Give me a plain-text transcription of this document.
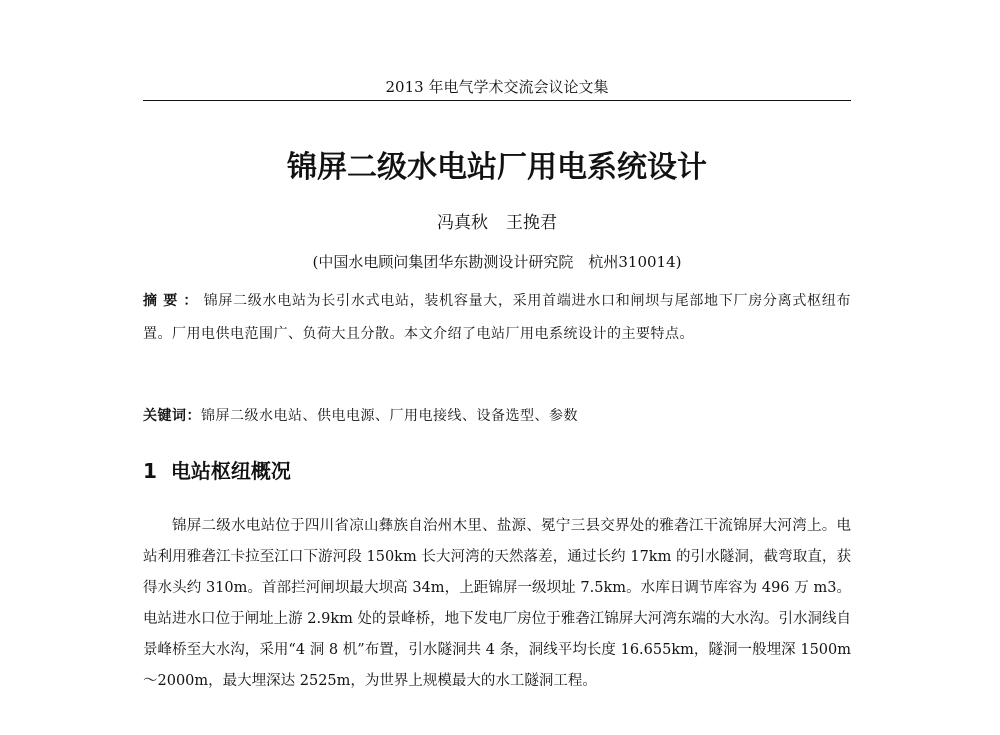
2013 年电气学术交流会议论文集
锦屏二级水电站厂用电系统设计
冯真秋 王挽君
(中国水电顾问集团华东勘测设计研究院　杭州310014)
摘要：锦屏二级水电站为长引水式电站，装机容量大，采用首端进水口和闸坝与尾部地下厂房分离式枢纽布置。厂用电供电范围广、负荷大且分散。本文介绍了电站厂用电系统设计的主要特点。
关键词：锦屏二级水电站、供电电源、厂用电接线、设备选型、参数
1 电站枢纽概况
锦屏二级水电站位于四川省凉山彝族自治州木里、盐源、冕宁三县交界处的雅砻江干流锦屏大河湾上。电站利用雅砻江卡拉至江口下游河段 150km 长大河湾的天然落差，通过长约 17km 的引水隧洞，截弯取直，获得水头约 310m。首部拦河闸坝最大坝高 34m，上距锦屏一级坝址 7.5km。水库日调节库容为 496 万 m3。电站进水口位于闸址上游 2.9km 处的景峰桥，地下发电厂房位于雅砻江锦屏大河湾东端的大水沟。引水洞线自景峰桥至大水沟，采用“4 洞 8 机”布置，引水隧洞共 4 条，洞线平均长度 16.655km，隧洞一般埋深 1500m～2000m，最大埋深达 2525m，为世界上规模最大的水工隧洞工程。
